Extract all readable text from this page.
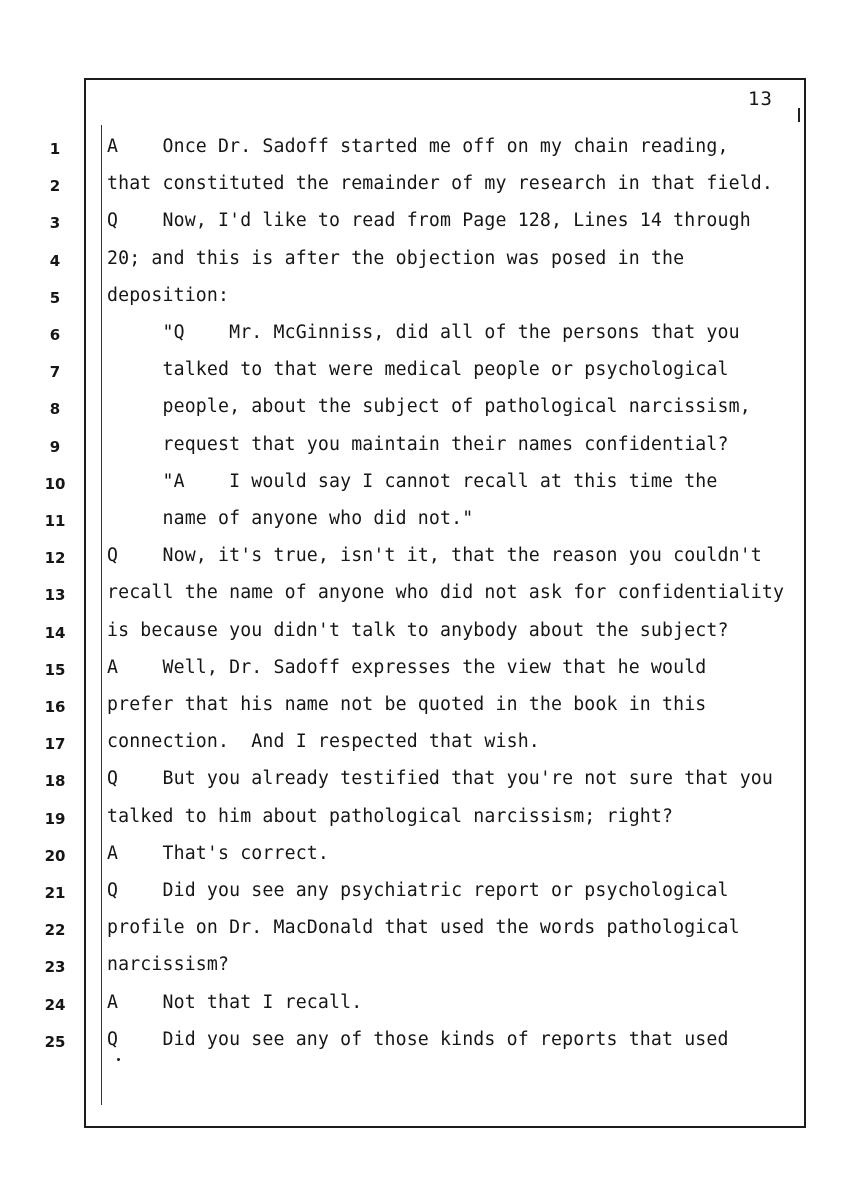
13
1	A    Once Dr. Sadoff started me off on my chain reading,
2	that constituted the remainder of my research in that field.
3	Q    Now, I'd like to read from Page 128, Lines 14 through
4	20; and this is after the objection was posed in the
5	deposition:
6	"Q    Mr. McGinniss, did all of the persons that you
7	talked to that were medical people or psychological
8	people, about the subject of pathological narcissism,
9	request that you maintain their names confidential?
10 "A    I would say I cannot recall at this time the
11 name of anyone who did not."
12 Q    Now, it's true, isn't it, that the reason you couldn't
13 recall the name of anyone who did not ask for confidentiality
14 is because you didn't talk to anybody about the subject?
15 A    Well, Dr. Sadoff expresses the view that he would
16 prefer that his name not be quoted in the book in this
17 connection.  And I respected that wish.
18 Q    But you already testified that you're not sure that you
19 talked to him about pathological narcissism; right?
20 A    That's correct.
21 Q    Did you see any psychiatric report or psychological
22 profile on Dr. MacDonald that used the words pathological
23 narcissism?
24 A    Not that I recall.
25 Q    Did you see any of those kinds of reports that used
